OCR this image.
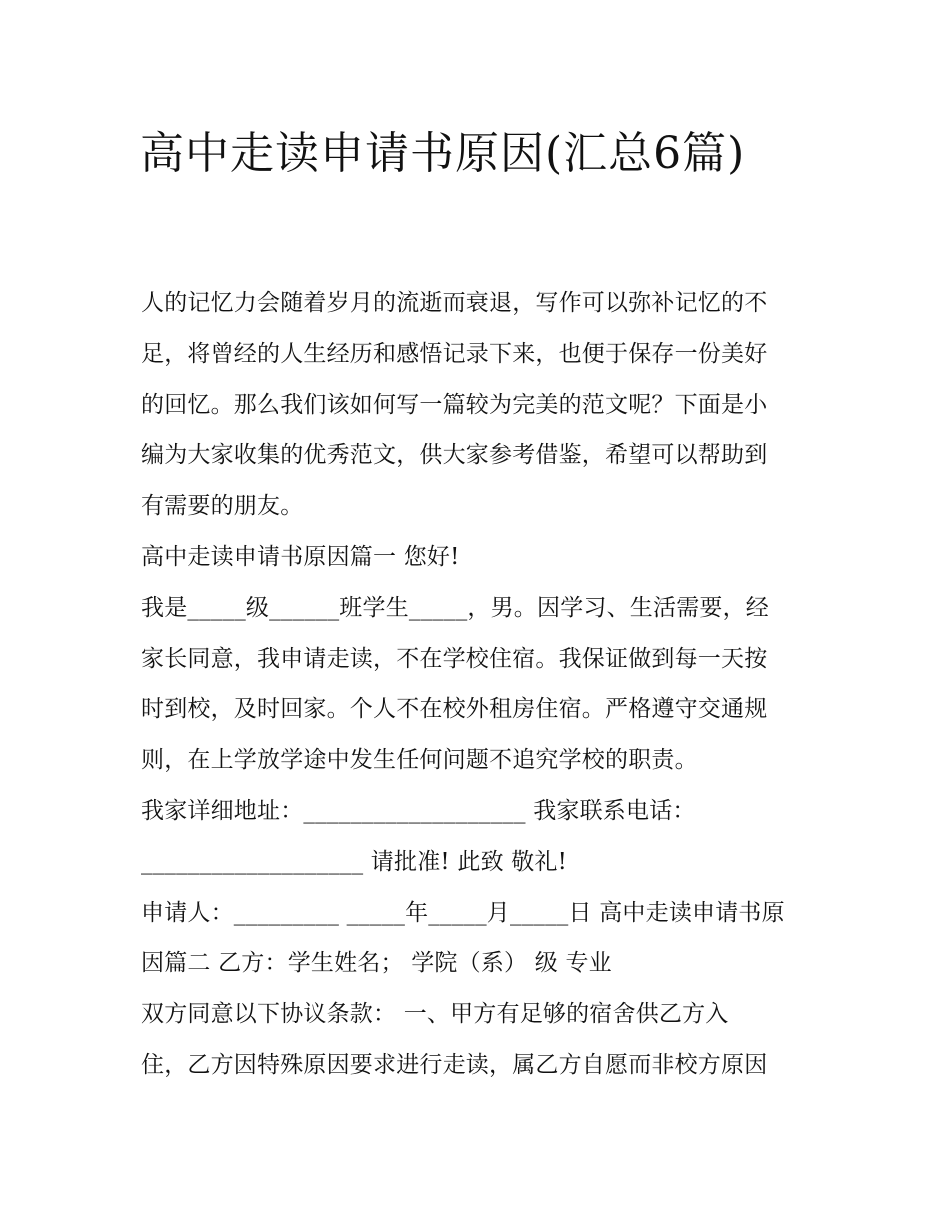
高中走读申请书原因(汇总6篇)
人的记忆力会随着岁月的流逝而衰退，写作可以弥补记忆的不
足，将曾经的人生经历和感悟记录下来，也便于保存一份美好
的回忆。那么我们该如何写一篇较为完美的范文呢？下面是小
编为大家收集的优秀范文，供大家参考借鉴，希望可以帮助到
有需要的朋友。
高中走读申请书原因篇一 您好!
我是_____级______班学生_____，男。因学习、生活需要，经
家长同意，我申请走读，不在学校住宿。我保证做到每一天按
时到校，及时回家。个人不在校外租房住宿。严格遵守交通规
则，在上学放学途中发生任何问题不追究学校的职责。
我家详细地址：___________________ 我家联系电话：
___________________ 请批准! 此致 敬礼!
申请人：_________ _____年_____月_____日 高中走读申请书原
因篇二 乙方：学生姓名； 学院（系） 级 专业
双方同意以下协议条款： 一、甲方有足够的宿舍供乙方入
住，乙方因特殊原因要求进行走读，属乙方自愿而非校方原因
